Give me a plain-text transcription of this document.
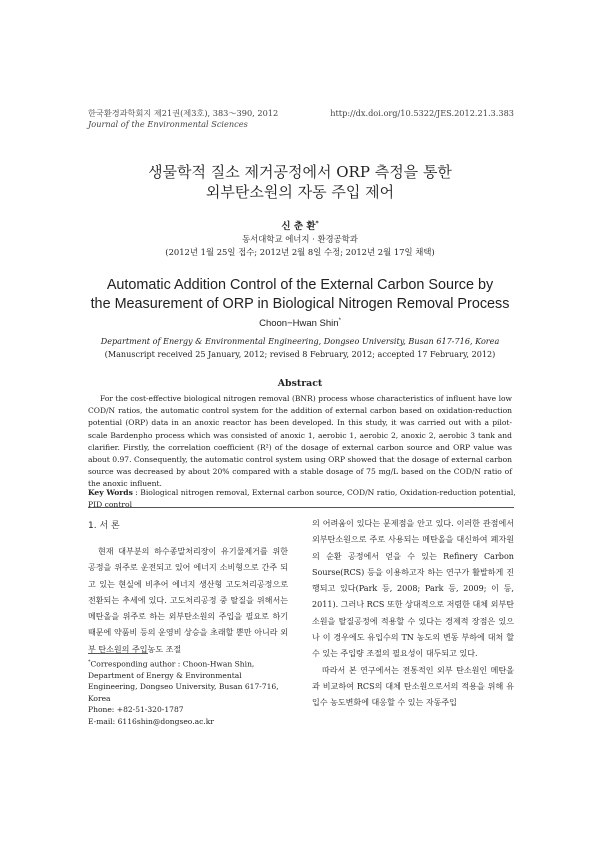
한국환경과학회지 제21권(제3호), 383～390, 2012
Journal of the Environmental Sciences
http://dx.doi.org/10.5322/JES.2012.21.3.383
생물학적 질소 제거공정에서 ORP 측정을 통한
외부탄소원의 자동 주입 제어
신 춘 환*
동서대학교 에너지 · 환경공학과
(2012년 1월 25일 접수; 2012년 2월 8일 수정; 2012년 2월 17일 채택)
Automatic Addition Control of the External Carbon Source by
the Measurement of ORP in Biological Nitrogen Removal Process
Choon−Hwan Shin*
Department of Energy & Environmental Engineering, Dongseo University, Busan 617-716, Korea
(Manuscript received 25 January, 2012; revised 8 February, 2012; accepted 17 February, 2012)
Abstract
For the cost-effective biological nitrogen removal (BNR) process whose characteristics of influent have low COD/N ratios, the automatic control system for the addition of external carbon based on oxidation-reduction potential (ORP) data in an anoxic reactor has been developed. In this study, it was carried out with a pilot-scale Bardenpho process which was consisted of anoxic 1, aerobic 1, aerobic 2, anoxic 2, aerobic 3 tank and clarifier. Firstly, the correlation coefficient (R²) of the dosage of external carbon source and ORP value was about 0.97. Consequently, the automatic control system using ORP showed that the dosage of external carbon source was decreased by about 20% compared with a stable dosage of 75 mg/L based on the COD/N ratio of the anoxic influent.
Key Words : Biological nitrogen removal, External carbon source, COD/N ratio, Oxidation-reduction potential, PID control
1. 서 론
현재 대부분의 하수종말처리장이 유기물제거를 위한 공정을 위주로 운전되고 있어 에너지 소비형으로 간주 되고 있는 현실에 비추어 에너지 생산형 고도처리공정으로 전환되는 추세에 있다. 고도처리공정 중 탈질을 위해서는 메탄올을 위주로 하는 외부탄소원의 주입을 필요로 하기 때문에 약품비 등의 운영비 상승을 초래할 뿐만 아니라 외부 탄소원의 주입농도 조절

의 어려움이 있다는 문제점을 안고 있다. 이러한 관점에서 외부탄소원으로 주로 사용되는 메탄올을 대신하여 폐자원의 순환 공정에서 얻을 수 있는 Refinery Carbon Sourse(RCS) 등을 이용하고자 하는 연구가 활발하게 진행되고 있다(Park 등, 2008; Park 등, 2009; 이 등, 2011). 그러나 RCS 또한 상대적으로 저렴한 대체 외부탄소원을 탈질공정에 적용할 수 있다는 경제적 장점은 있으나 이 경우에도 유입수의 TN 농도의 변동 부하에 대처 할 수 있는 주입량 조절의 필요성이 대두되고 있다.

따라서 본 연구에서는 전통적인 외부 탄소원인 메탄올과 비교하여 RCS의 대체 탄소원으로서의 적용을 위해 유입수 농도변화에 대응할 수 있는 자동주입

*Corresponding author : Choon-Hwan Shin, Department of Energy & Environmental Engineering, Dongseo University, Busan 617-716, Korea
Phone: +82-51-320-1787
E-mail: 6116shin@dongseo.ac.kr
